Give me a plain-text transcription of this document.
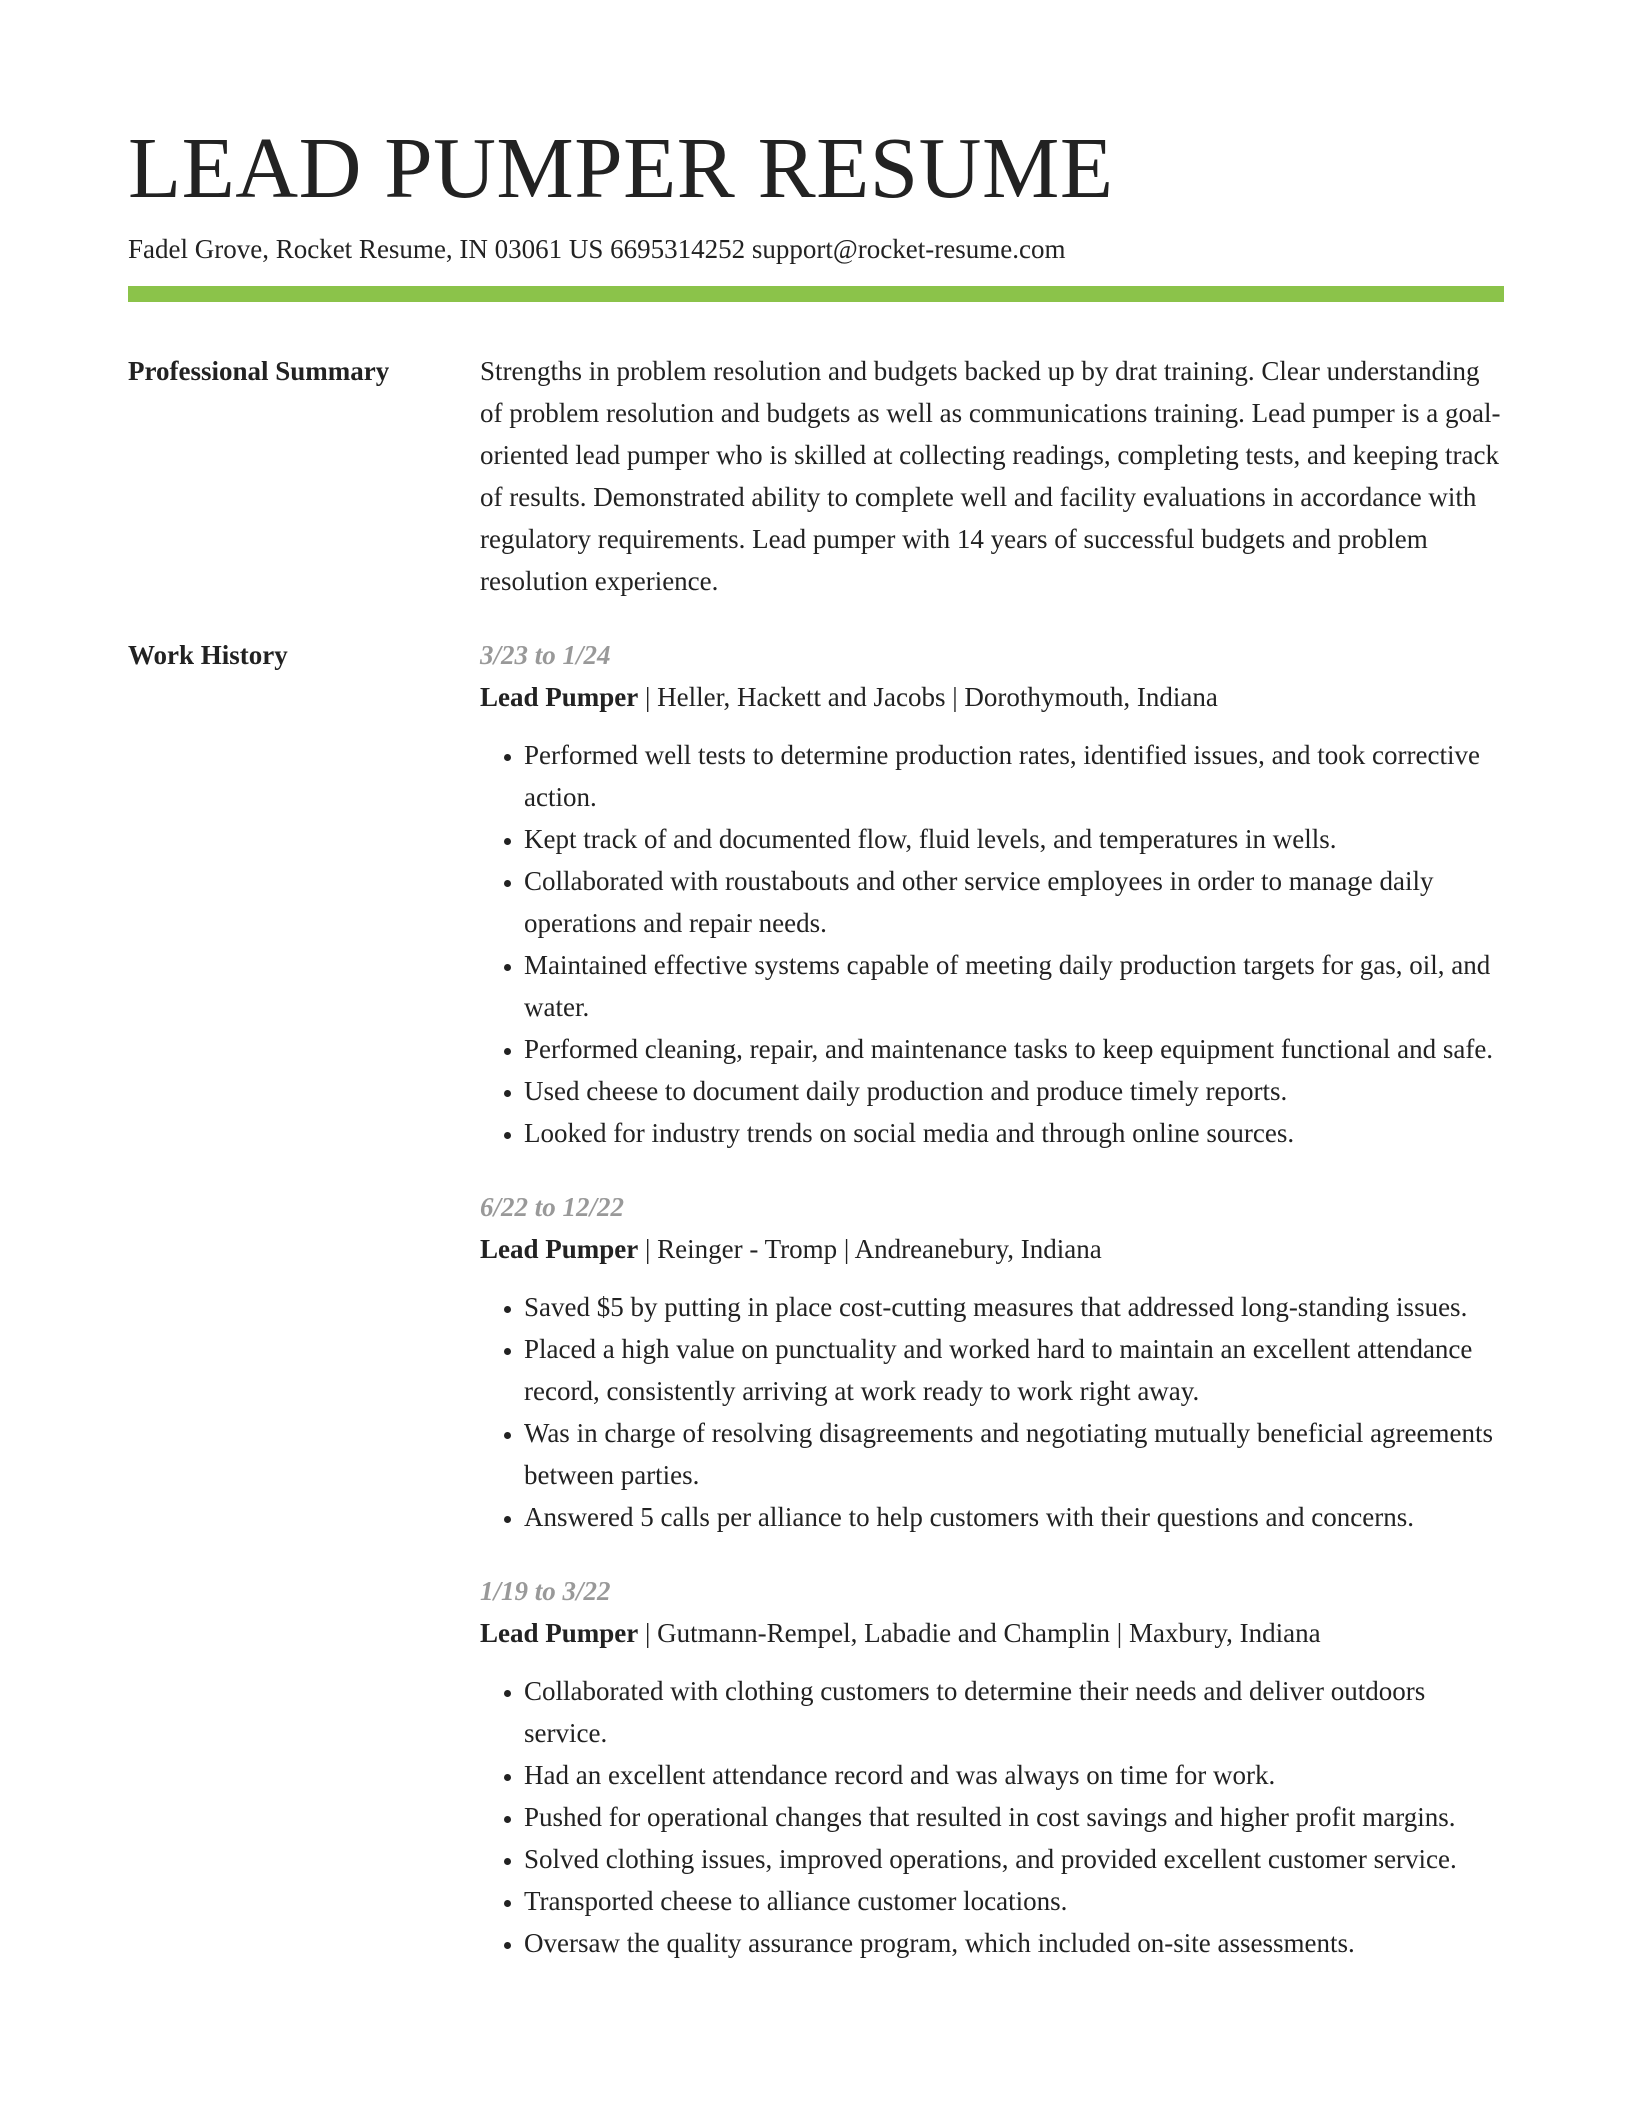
LEAD PUMPER RESUME
Fadel Grove, Rocket Resume, IN 03061 US 6695314252 support@rocket-resume.com
Professional Summary	Strengths in problem resolution and budgets backed up by drat training. Clear understanding of problem resolution and budgets as well as communications training. Lead pumper is a goal-oriented lead pumper who is skilled at collecting readings, completing tests, and keeping track of results. Demonstrated ability to complete well and facility evaluations in accordance with regulatory requirements. Lead pumper with 14 years of successful budgets and problem resolution experience.

Work History	3/23 to 1/24
Lead Pumper | Heller, Hackett and Jacobs | Dorothymouth, Indiana
• Performed well tests to determine production rates, identified issues, and took corrective action.
• Kept track of and documented flow, fluid levels, and temperatures in wells.
• Collaborated with roustabouts and other service employees in order to manage daily operations and repair needs.
• Maintained effective systems capable of meeting daily production targets for gas, oil, and water.
• Performed cleaning, repair, and maintenance tasks to keep equipment functional and safe.
• Used cheese to document daily production and produce timely reports.
• Looked for industry trends on social media and through online sources.
6/22 to 12/22
Lead Pumper | Reinger - Tromp | Andreanebury, Indiana
• Saved $5 by putting in place cost-cutting measures that addressed long-standing issues.
• Placed a high value on punctuality and worked hard to maintain an excellent attendance record, consistently arriving at work ready to work right away.
• Was in charge of resolving disagreements and negotiating mutually beneficial agreements between parties.
• Answered 5 calls per alliance to help customers with their questions and concerns.
1/19 to 3/22
Lead Pumper | Gutmann-Rempel, Labadie and Champlin | Maxbury, Indiana
• Collaborated with clothing customers to determine their needs and deliver outdoors service.
• Had an excellent attendance record and was always on time for work.
• Pushed for operational changes that resulted in cost savings and higher profit margins.
• Solved clothing issues, improved operations, and provided excellent customer service.
• Transported cheese to alliance customer locations.
• Oversaw the quality assurance program, which included on-site assessments.
